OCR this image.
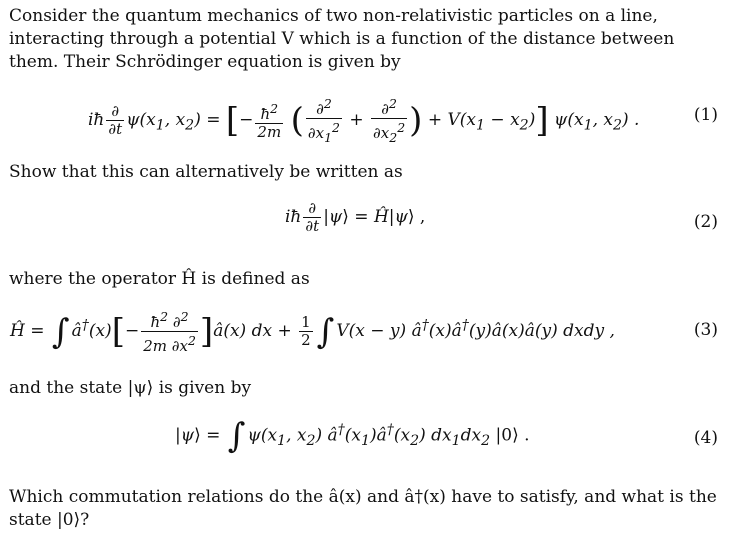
Consider the quantum mechanics of two non-relativistic particles on a line, interacting through a potential V which is a function of the distance between them. Their Schrödinger equation is given by
iħ $\frac{\partial}{\partial t} \psi(x_1$, $x_2$) = [− $\frac{ħ^2}{2m}$ ( $\frac{\partial^2}{\partial x_1^2} + \frac{\partial^2}{\partial x_2^2}$ ) + $V(x_1 - x_2)$] $\psi(x_1$, $x_2$) .	(1)
Show that this can alternatively be written as
iħ $\frac{\partial}{\partial t}$ |ψ⟩ = Ĥ|ψ⟩ ,	(2)
where the operator Ĥ is defined as
Ĥ = ∫ â†(x)[− $\frac{ħ^2 \partial^2}{2m \partial x^2}$ ]â(x) dx + $\frac{1}{2}$ ∫ V(x − y) â†(x)â†(y)â(x)â(y) dxdy ,	(3)
and the state |ψ⟩ is given by
|ψ⟩ = ∫ $\psi(x_1$, $x_2$) $â^\dagger(x_1)â^\dagger(x_2)$ $dx_1dx_2$ |0⟩ .	(4)
Which commutation relations do the â(x) and â†(x) have to satisfy, and what is the state |0⟩?
